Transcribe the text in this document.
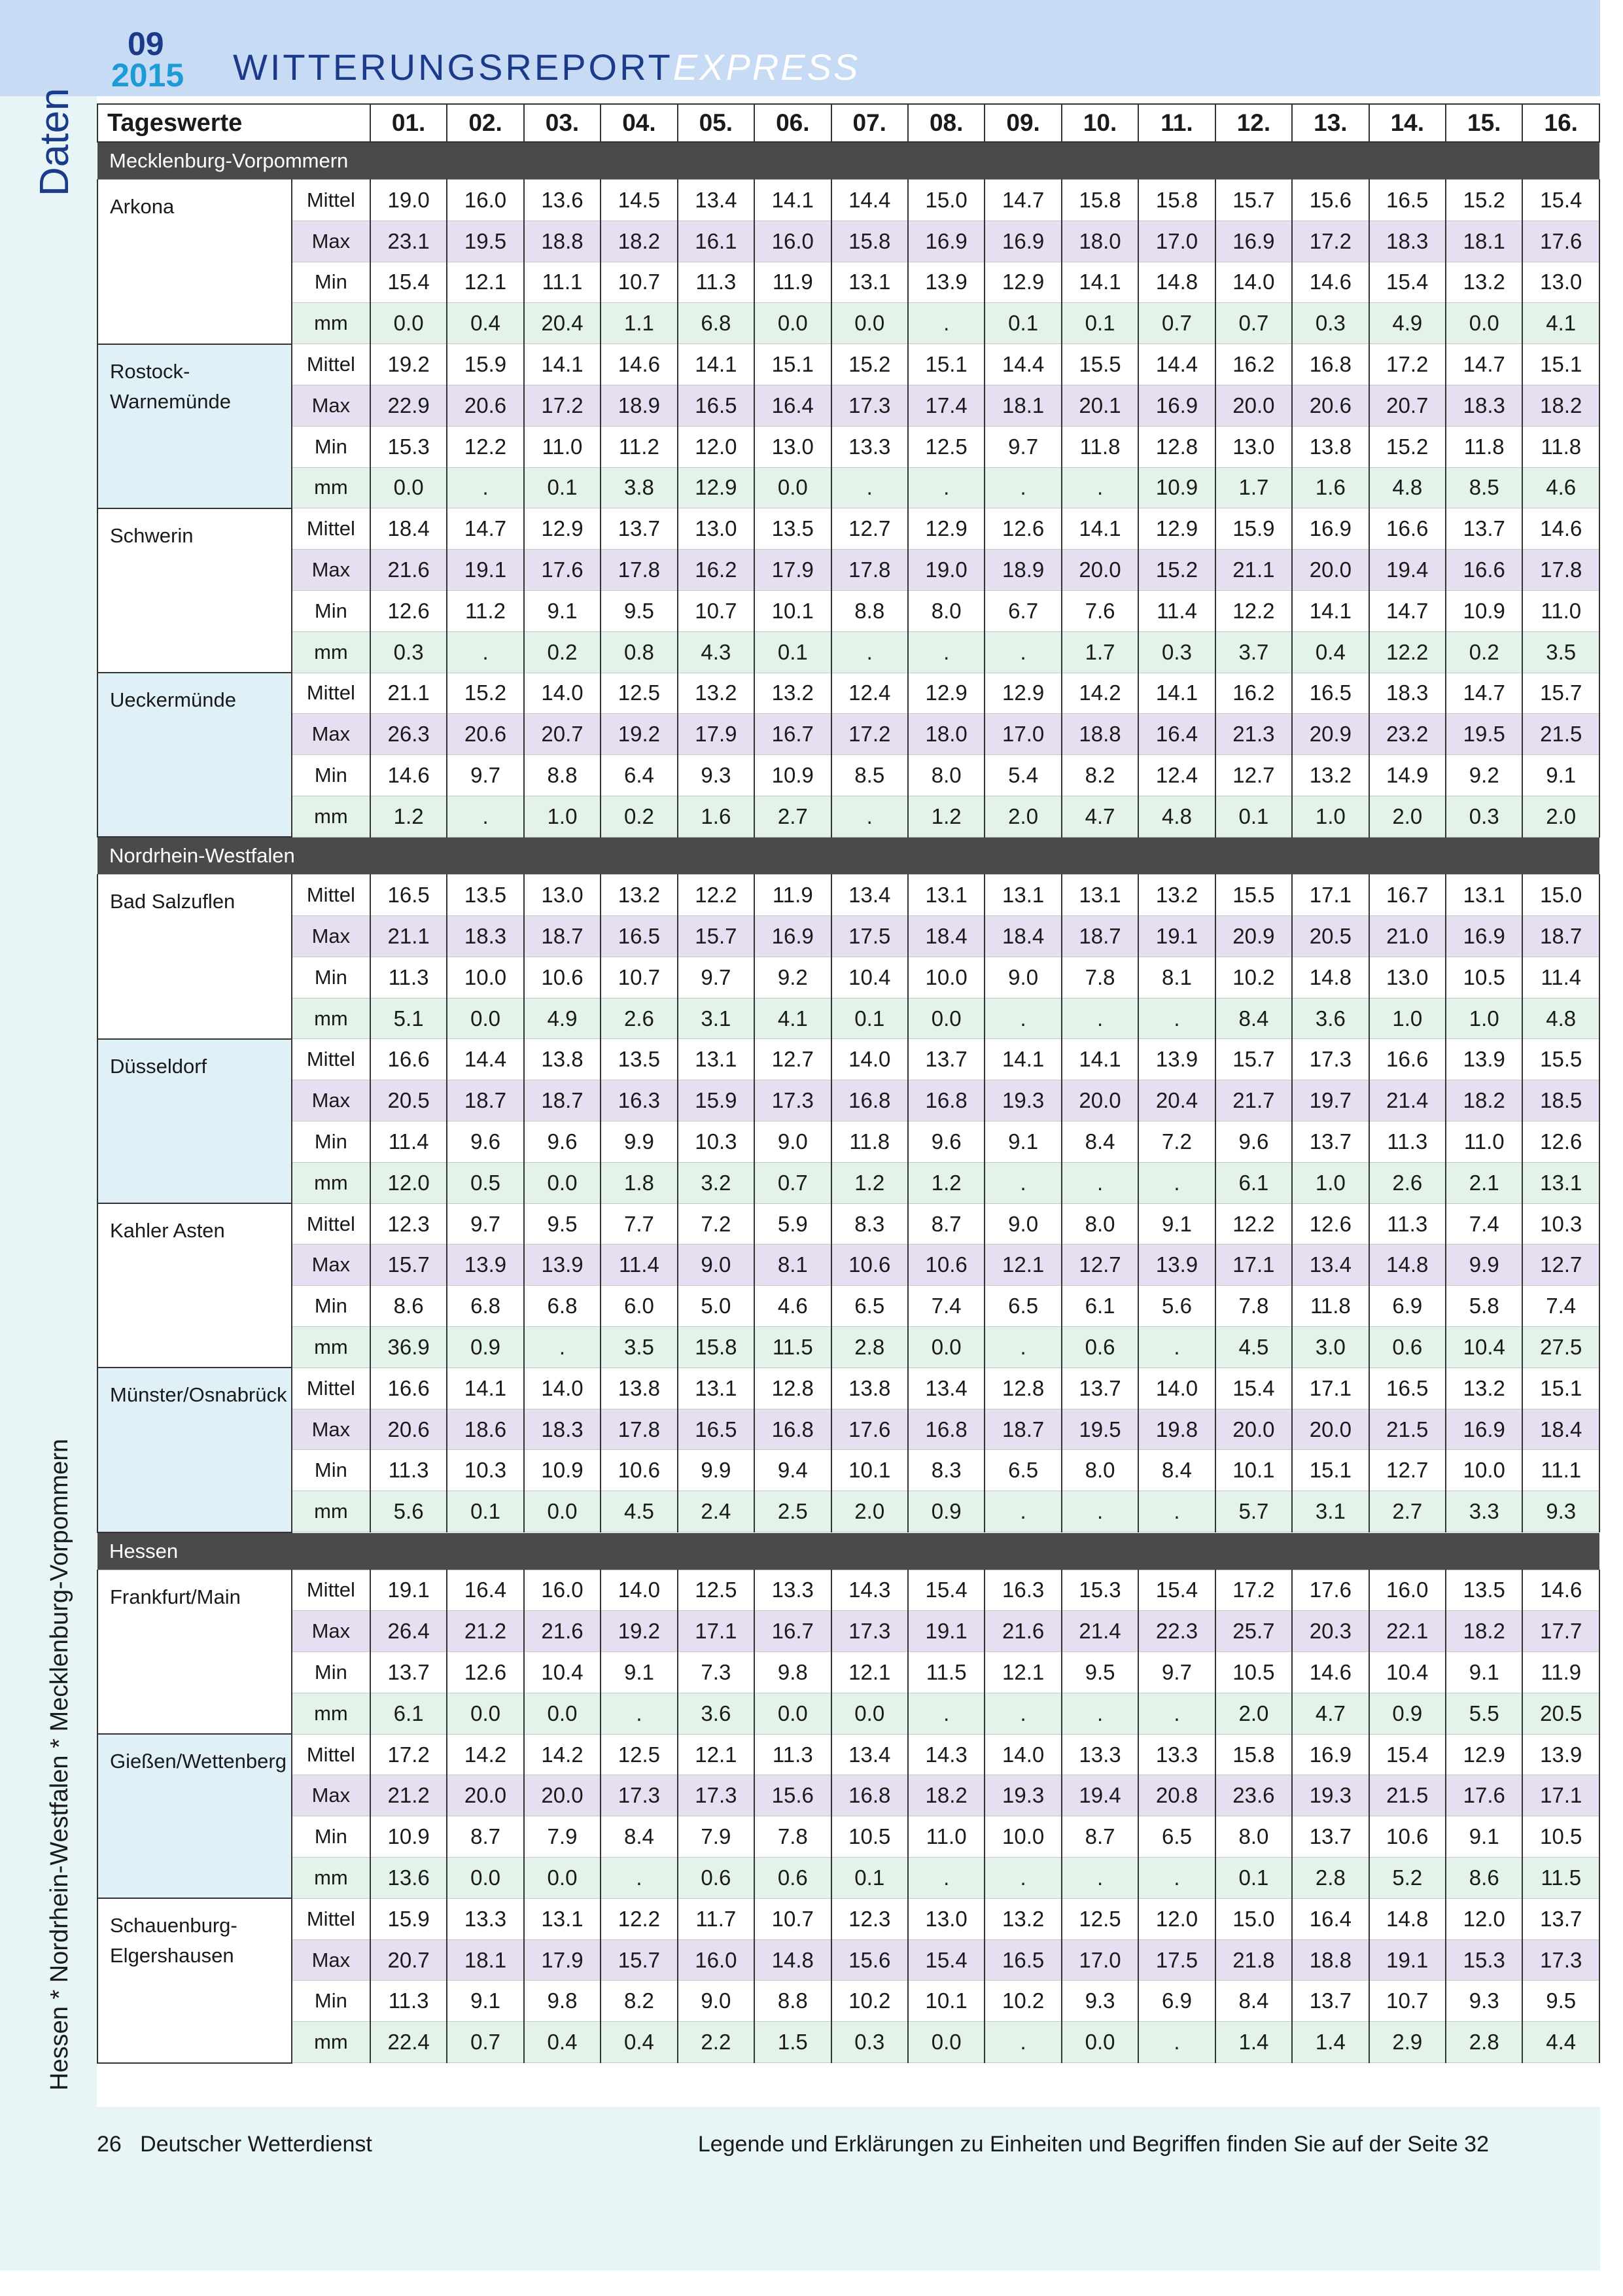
09
2015 WITTERUNGSREPORTEXPRESS
Daten
Hessen * Nordrhein-Westfalen * Mecklenburg-Vorpommern
26 Deutscher Wetterdienst	Legende und Erklärungen zu Einheiten und Begriffen finden Sie auf der Seite 32
Tageswerte		01.	02.	03.	04.	05.	06.	07.	08.	09.	10.	11.	12.	13.	14.	15.	16.
Mecklenburg-Vorpommern																	
Arkona	Mittel	19.0	16.0	13.6	14.5	13.4	14.1	14.4	15.0	14.7	15.8	15.8	15.7	15.6	16.5	15.2	15.4
	Max	23.1	19.5	18.8	18.2	16.1	16.0	15.8	16.9	16.9	18.0	17.0	16.9	17.2	18.3	18.1	17.6
	Min	15.4	12.1	11.1	10.7	11.3	11.9	13.1	13.9	12.9	14.1	14.8	14.0	14.6	15.4	13.2	13.0
	mm	0.0	0.4	20.4	1.1	6.8	0.0	0.0	.	0.1	0.1	0.7	0.7	0.3	4.9	0.0	4.1
Rostock-Warnemünde	Mittel	19.2	15.9	14.1	14.6	14.1	15.1	15.2	15.1	14.4	15.5	14.4	16.2	16.8	17.2	14.7	15.1
	Max	22.9	20.6	17.2	18.9	16.5	16.4	17.3	17.4	18.1	20.1	16.9	20.0	20.6	20.7	18.3	18.2
	Min	15.3	12.2	11.0	11.2	12.0	13.0	13.3	12.5	9.7	11.8	12.8	13.0	13.8	15.2	11.8	11.8
	mm	0.0	.	0.1	3.8	12.9	0.0	.	.	.	.	10.9	1.7	1.6	4.8	8.5	4.6
Schwerin	Mittel	18.4	14.7	12.9	13.7	13.0	13.5	12.7	12.9	12.6	14.1	12.9	15.9	16.9	16.6	13.7	14.6
	Max	21.6	19.1	17.6	17.8	16.2	17.9	17.8	19.0	18.9	20.0	15.2	21.1	20.0	19.4	16.6	17.8
	Min	12.6	11.2	9.1	9.5	10.7	10.1	8.8	8.0	6.7	7.6	11.4	12.2	14.1	14.7	10.9	11.0
	mm	0.3	.	0.2	0.8	4.3	0.1	.	.	.	1.7	0.3	3.7	0.4	12.2	0.2	3.5
Ueckermünde	Mittel	21.1	15.2	14.0	12.5	13.2	13.2	12.4	12.9	12.9	14.2	14.1	16.2	16.5	18.3	14.7	15.7
	Max	26.3	20.6	20.7	19.2	17.9	16.7	17.2	18.0	17.0	18.8	16.4	21.3	20.9	23.2	19.5	21.5
	Min	14.6	9.7	8.8	6.4	9.3	10.9	8.5	8.0	5.4	8.2	12.4	12.7	13.2	14.9	9.2	9.1
	mm	1.2	.	1.0	0.2	1.6	2.7	.	1.2	2.0	4.7	4.8	0.1	1.0	2.0	0.3	2.0
Nordrhein-Westfalen																	
Bad Salzuflen	Mittel	16.5	13.5	13.0	13.2	12.2	11.9	13.4	13.1	13.1	13.1	13.2	15.5	17.1	16.7	13.1	15.0
	Max	21.1	18.3	18.7	16.5	15.7	16.9	17.5	18.4	18.4	18.7	19.1	20.9	20.5	21.0	16.9	18.7
	Min	11.3	10.0	10.6	10.7	9.7	9.2	10.4	10.0	9.0	7.8	8.1	10.2	14.8	13.0	10.5	11.4
	mm	5.1	0.0	4.9	2.6	3.1	4.1	0.1	0.0	.	.	.	8.4	3.6	1.0	1.0	4.8
Düsseldorf	Mittel	16.6	14.4	13.8	13.5	13.1	12.7	14.0	13.7	14.1	14.1	13.9	15.7	17.3	16.6	13.9	15.5
	Max	20.5	18.7	18.7	16.3	15.9	17.3	16.8	16.8	19.3	20.0	20.4	21.7	19.7	21.4	18.2	18.5
	Min	11.4	9.6	9.6	9.9	10.3	9.0	11.8	9.6	9.1	8.4	7.2	9.6	13.7	11.3	11.0	12.6
	mm	12.0	0.5	0.0	1.8	3.2	0.7	1.2	1.2	.	.	.	6.1	1.0	2.6	2.1	13.1
Kahler Asten	Mittel	12.3	9.7	9.5	7.7	7.2	5.9	8.3	8.7	9.0	8.0	9.1	12.2	12.6	11.3	7.4	10.3
	Max	15.7	13.9	13.9	11.4	9.0	8.1	10.6	10.6	12.1	12.7	13.9	17.1	13.4	14.8	9.9	12.7
	Min	8.6	6.8	6.8	6.0	5.0	4.6	6.5	7.4	6.5	6.1	5.6	7.8	11.8	6.9	5.8	7.4
	mm	36.9	0.9	.	3.5	15.8	11.5	2.8	0.0	.	0.6	.	4.5	3.0	0.6	10.4	27.5
Münster/Osnabrück	Mittel	16.6	14.1	14.0	13.8	13.1	12.8	13.8	13.4	12.8	13.7	14.0	15.4	17.1	16.5	13.2	15.1
	Max	20.6	18.6	18.3	17.8	16.5	16.8	17.6	16.8	18.7	19.5	19.8	20.0	20.0	21.5	16.9	18.4
	Min	11.3	10.3	10.9	10.6	9.9	9.4	10.1	8.3	6.5	8.0	8.4	10.1	15.1	12.7	10.0	11.1
	mm	5.6	0.1	0.0	4.5	2.4	2.5	2.0	0.9	.	.	.	5.7	3.1	2.7	3.3	9.3
Hessen																	
Frankfurt/Main	Mittel	19.1	16.4	16.0	14.0	12.5	13.3	14.3	15.4	16.3	15.3	15.4	17.2	17.6	16.0	13.5	14.6
	Max	26.4	21.2	21.6	19.2	17.1	16.7	17.3	19.1	21.6	21.4	22.3	25.7	20.3	22.1	18.2	17.7
	Min	13.7	12.6	10.4	9.1	7.3	9.8	12.1	11.5	12.1	9.5	9.7	10.5	14.6	10.4	9.1	11.9
	mm	6.1	0.0	0.0	.	3.6	0.0	0.0	.	.	.	.	2.0	4.7	0.9	5.5	20.5
Gießen/Wettenberg	Mittel	17.2	14.2	14.2	12.5	12.1	11.3	13.4	14.3	14.0	13.3	13.3	15.8	16.9	15.4	12.9	13.9
	Max	21.2	20.0	20.0	17.3	17.3	15.6	16.8	18.2	19.3	19.4	20.8	23.6	19.3	21.5	17.6	17.1
	Min	10.9	8.7	7.9	8.4	7.9	7.8	10.5	11.0	10.0	8.7	6.5	8.0	13.7	10.6	9.1	10.5
	mm	13.6	0.0	0.0	.	0.6	0.6	0.1	.	.	.	.	0.1	2.8	5.2	8.6	11.5

Schauenburg-
Elgershausen	Mittel	15.9	13.3	13.1	12.2	11.7	10.7	12.3	13.0	13.2	12.5	12.0	15.0	16.4	14.8	12.0	13.7
	Max	20.7	18.1	17.9	15.7	16.0	14.8	15.6	15.4	16.5	17.0	17.5	21.8	18.8	19.1	15.3	17.3
	Min	11.3	9.1	9.8	8.2	9.0	8.8	10.2	10.1	10.2	9.3	6.9	8.4	13.7	10.7	9.3	9.5
	mm	22.4	0.7	0.4	0.4	2.2	1.5	0.3	0.0	.	0.0	.	1.4	1.4	2.9	2.8	4.4
